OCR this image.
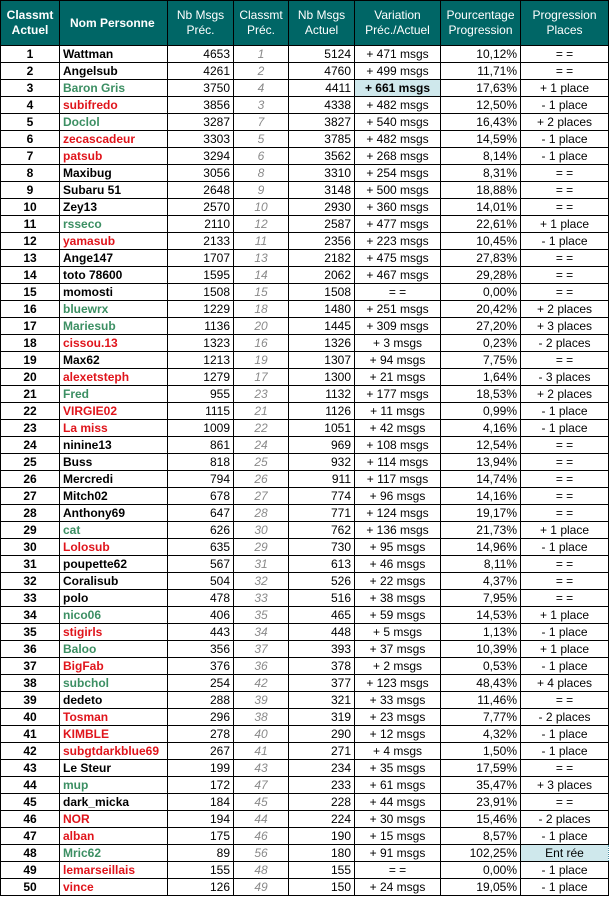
Classmt Actuel	Nom Personne	Nb Msgs Préc.	Classmt Préc.	Nb Msgs Actuel	Variation Préc./Actuel	Pourcentage Progression	Progression Places
1	Wattman	4653	1	5124	+ 471 msgs	10,12%	= =
2	Angelsub	4261	2	4760	+ 499 msgs	11,71%	= =
3	Baron Gris	3750	4	4411	+ 661 msgs	17,63%	+ 1 place
4	subifredo	3856	3	4338	+ 482 msgs	12,50%	- 1 place
5	Doclol	3287	7	3827	+ 540 msgs	16,43%	+ 2 places
6	zecascadeur	3303	5	3785	+ 482 msgs	14,59%	- 1 place
7	patsub	3294	6	3562	+ 268 msgs	8,14%	- 1 place
8	Maxibug	3056	8	3310	+ 254 msgs	8,31%	= =
9	Subaru 51	2648	9	3148	+ 500 msgs	18,88%	= =
10	Zey13	2570	10	2930	+ 360 msgs	14,01%	= =
11	rsseco	2110	12	2587	+ 477 msgs	22,61%	+ 1 place
12	yamasub	2133	11	2356	+ 223 msgs	10,45%	- 1 place
13	Ange147	1707	13	2182	+ 475 msgs	27,83%	= =
14	toto 78600	1595	14	2062	+ 467 msgs	29,28%	= =
15	momosti	1508	15	1508	= =	0,00%	= =
16	bluewrx	1229	18	1480	+ 251 msgs	20,42%	+ 2 places
17	Mariesub	1136	20	1445	+ 309 msgs	27,20%	+ 3 places
18	cissou.13	1323	16	1326	+ 3 msgs	0,23%	- 2 places
19	Max62	1213	19	1307	+ 94 msgs	7,75%	= =
20	alexetsteph	1279	17	1300	+ 21 msgs	1,64%	- 3 places
21	Fred	955	23	1132	+ 177 msgs	18,53%	+ 2 places
22	VIRGIE02	1115	21	1126	+ 11 msgs	0,99%	- 1 place
23	La miss	1009	22	1051	+ 42 msgs	4,16%	- 1 place
24	ninine13	861	24	969	+ 108 msgs	12,54%	= =
25	Buss	818	25	932	+ 114 msgs	13,94%	= =
26	Mercredi	794	26	911	+ 117 msgs	14,74%	= =
27	Mitch02	678	27	774	+ 96 msgs	14,16%	= =
28	Anthony69	647	28	771	+ 124 msgs	19,17%	= =
29	cat	626	30	762	+ 136 msgs	21,73%	+ 1 place
30	Lolosub	635	29	730	+ 95 msgs	14,96%	- 1 place
31	poupette62	567	31	613	+ 46 msgs	8,11%	= =
32	Coralisub	504	32	526	+ 22 msgs	4,37%	= =
33	polo	478	33	516	+ 38 msgs	7,95%	= =
34	nico06	406	35	465	+ 59 msgs	14,53%	+ 1 place
35	stigirls	443	34	448	+ 5 msgs	1,13%	- 1 place
36	Baloo	356	37	393	+ 37 msgs	10,39%	+ 1 place
37	BigFab	376	36	378	+ 2 msgs	0,53%	- 1 place
38	subchol	254	42	377	+ 123 msgs	48,43%	+ 4 places
39	dedeto	288	39	321	+ 33 msgs	11,46%	= =
40	Tosman	296	38	319	+ 23 msgs	7,77%	- 2 places
41	KIMBLE	278	40	290	+ 12 msgs	4,32%	- 1 place
42	subgtdarkblue69	267	41	271	+ 4 msgs	1,50%	- 1 place
43	Le Steur	199	43	234	+ 35 msgs	17,59%	= =
44	mup	172	47	233	+ 61 msgs	35,47%	+ 3 places
45	dark_micka	184	45	228	+ 44 msgs	23,91%	= =
46	NOR	194	44	224	+ 30 msgs	15,46%	- 2 places
47	alban	175	46	190	+ 15 msgs	8,57%	- 1 place
48	Mric62	89	56	180	+ 91 msgs	102,25%	Ent rée
49	lemarseillais	155	48	155	= =	0,00%	- 1 place
50	vince	126	49	150	+ 24 msgs	19,05%	- 1 place
